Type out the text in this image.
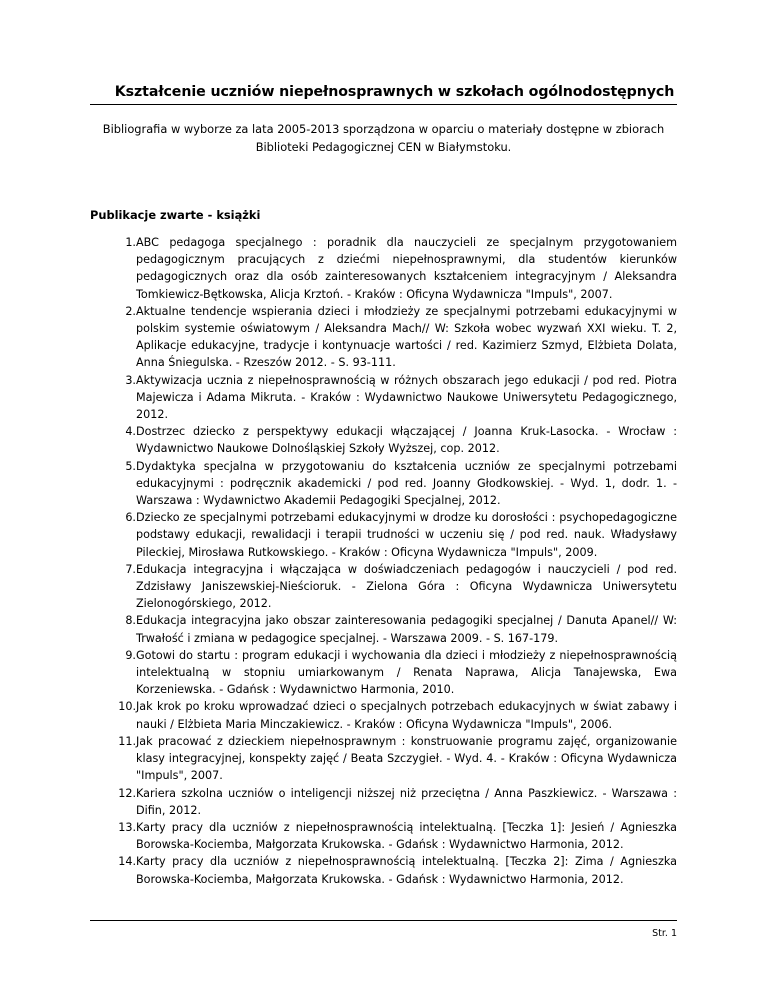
Kształcenie uczniów niepełnosprawnych w szkołach ogólnodostępnych
Bibliografia w wyborze za lata 2005-2013 sporządzona w oparciu o materiały dostępne w zbiorach Biblioteki Pedagogicznej CEN w Białymstoku.
Publikacje zwarte - książki
1. ABC pedagoga specjalnego : poradnik dla nauczycieli ze specjalnym przygotowaniem pedagogicznym pracujących z dziećmi niepełnosprawnymi, dla studentów kierunków pedagogicznych oraz dla osób zainteresowanych kształceniem integracyjnym / Aleksandra Tomkiewicz-Bętkowska, Alicja Krztoń. - Kraków : Oficyna Wydawnicza "Impuls", 2007.
2. Aktualne tendencje wspierania dzieci i młodzieży ze specjalnymi potrzebami edukacyjnymi w polskim systemie oświatowym / Aleksandra Mach// W: Szkoła wobec wyzwań XXI wieku. T. 2, Aplikacje edukacyjne, tradycje i kontynuacje wartości / red. Kazimierz Szmyd, Elżbieta Dolata, Anna Śniegulska. - Rzeszów 2012. - S. 93-111.
3. Aktywizacja ucznia z niepełnosprawnością w różnych obszarach jego edukacji / pod red. Piotra Majewicza i Adama Mikruta. - Kraków : Wydawnictwo Naukowe Uniwersytetu Pedagogicznego, 2012.
4. Dostrzec dziecko z perspektywy edukacji włączającej / Joanna Kruk-Lasocka. - Wrocław : Wydawnictwo Naukowe Dolnośląskiej Szkoły Wyższej, cop. 2012.
5. Dydaktyka specjalna w przygotowaniu do kształcenia uczniów ze specjalnymi potrzebami edukacyjnymi : podręcznik akademicki / pod red. Joanny Głodkowskiej. - Wyd. 1, dodr. 1. - Warszawa : Wydawnictwo Akademii Pedagogiki Specjalnej, 2012.
6. Dziecko ze specjalnymi potrzebami edukacyjnymi w drodze ku dorosłości : psychopedagogiczne podstawy edukacji, rewalidacji i terapii trudności w uczeniu się / pod red. nauk. Władysławy Pileckiej, Mirosława Rutkowskiego. - Kraków : Oficyna Wydawnicza "Impuls", 2009.
7. Edukacja integracyjna i włączająca w doświadczeniach pedagogów i nauczycieli / pod red. Zdzisławy Janiszewskiej-Nieścioruk. - Zielona Góra : Oficyna Wydawnicza Uniwersytetu Zielonogórskiego, 2012.
8. Edukacja integracyjna jako obszar zainteresowania pedagogiki specjalnej / Danuta Apanel// W: Trwałość i zmiana w pedagogice specjalnej. - Warszawa 2009. - S. 167-179.
9. Gotowi do startu : program edukacji i wychowania dla dzieci i młodzieży z niepełnosprawnością intelektualną w stopniu umiarkowanym / Renata Naprawa, Alicja Tanajewska, Ewa Korzeniewska. - Gdańsk : Wydawnictwo Harmonia, 2010.
10. Jak krok po kroku wprowadzać dzieci o specjalnych potrzebach edukacyjnych w świat zabawy i nauki / Elżbieta Maria Minczakiewicz. - Kraków : Oficyna Wydawnicza "Impuls", 2006.
11. Jak pracować z dzieckiem niepełnosprawnym : konstruowanie programu zajęć, organizowanie klasy integracyjnej, konspekty zajęć / Beata Szczygieł. - Wyd. 4. - Kraków : Oficyna Wydawnicza "Impuls", 2007.
12. Kariera szkolna uczniów o inteligencji niższej niż przeciętna / Anna Paszkiewicz. - Warszawa : Difin, 2012.
13. Karty pracy dla uczniów z niepełnosprawnością intelektualną. [Teczka 1]: Jesień / Agnieszka Borowska-Kociemba, Małgorzata Krukowska. - Gdańsk : Wydawnictwo Harmonia, 2012.
14. Karty pracy dla uczniów z niepełnosprawnością intelektualną. [Teczka 2]: Zima / Agnieszka Borowska-Kociemba, Małgorzata Krukowska. - Gdańsk : Wydawnictwo Harmonia, 2012.
Str. 1
